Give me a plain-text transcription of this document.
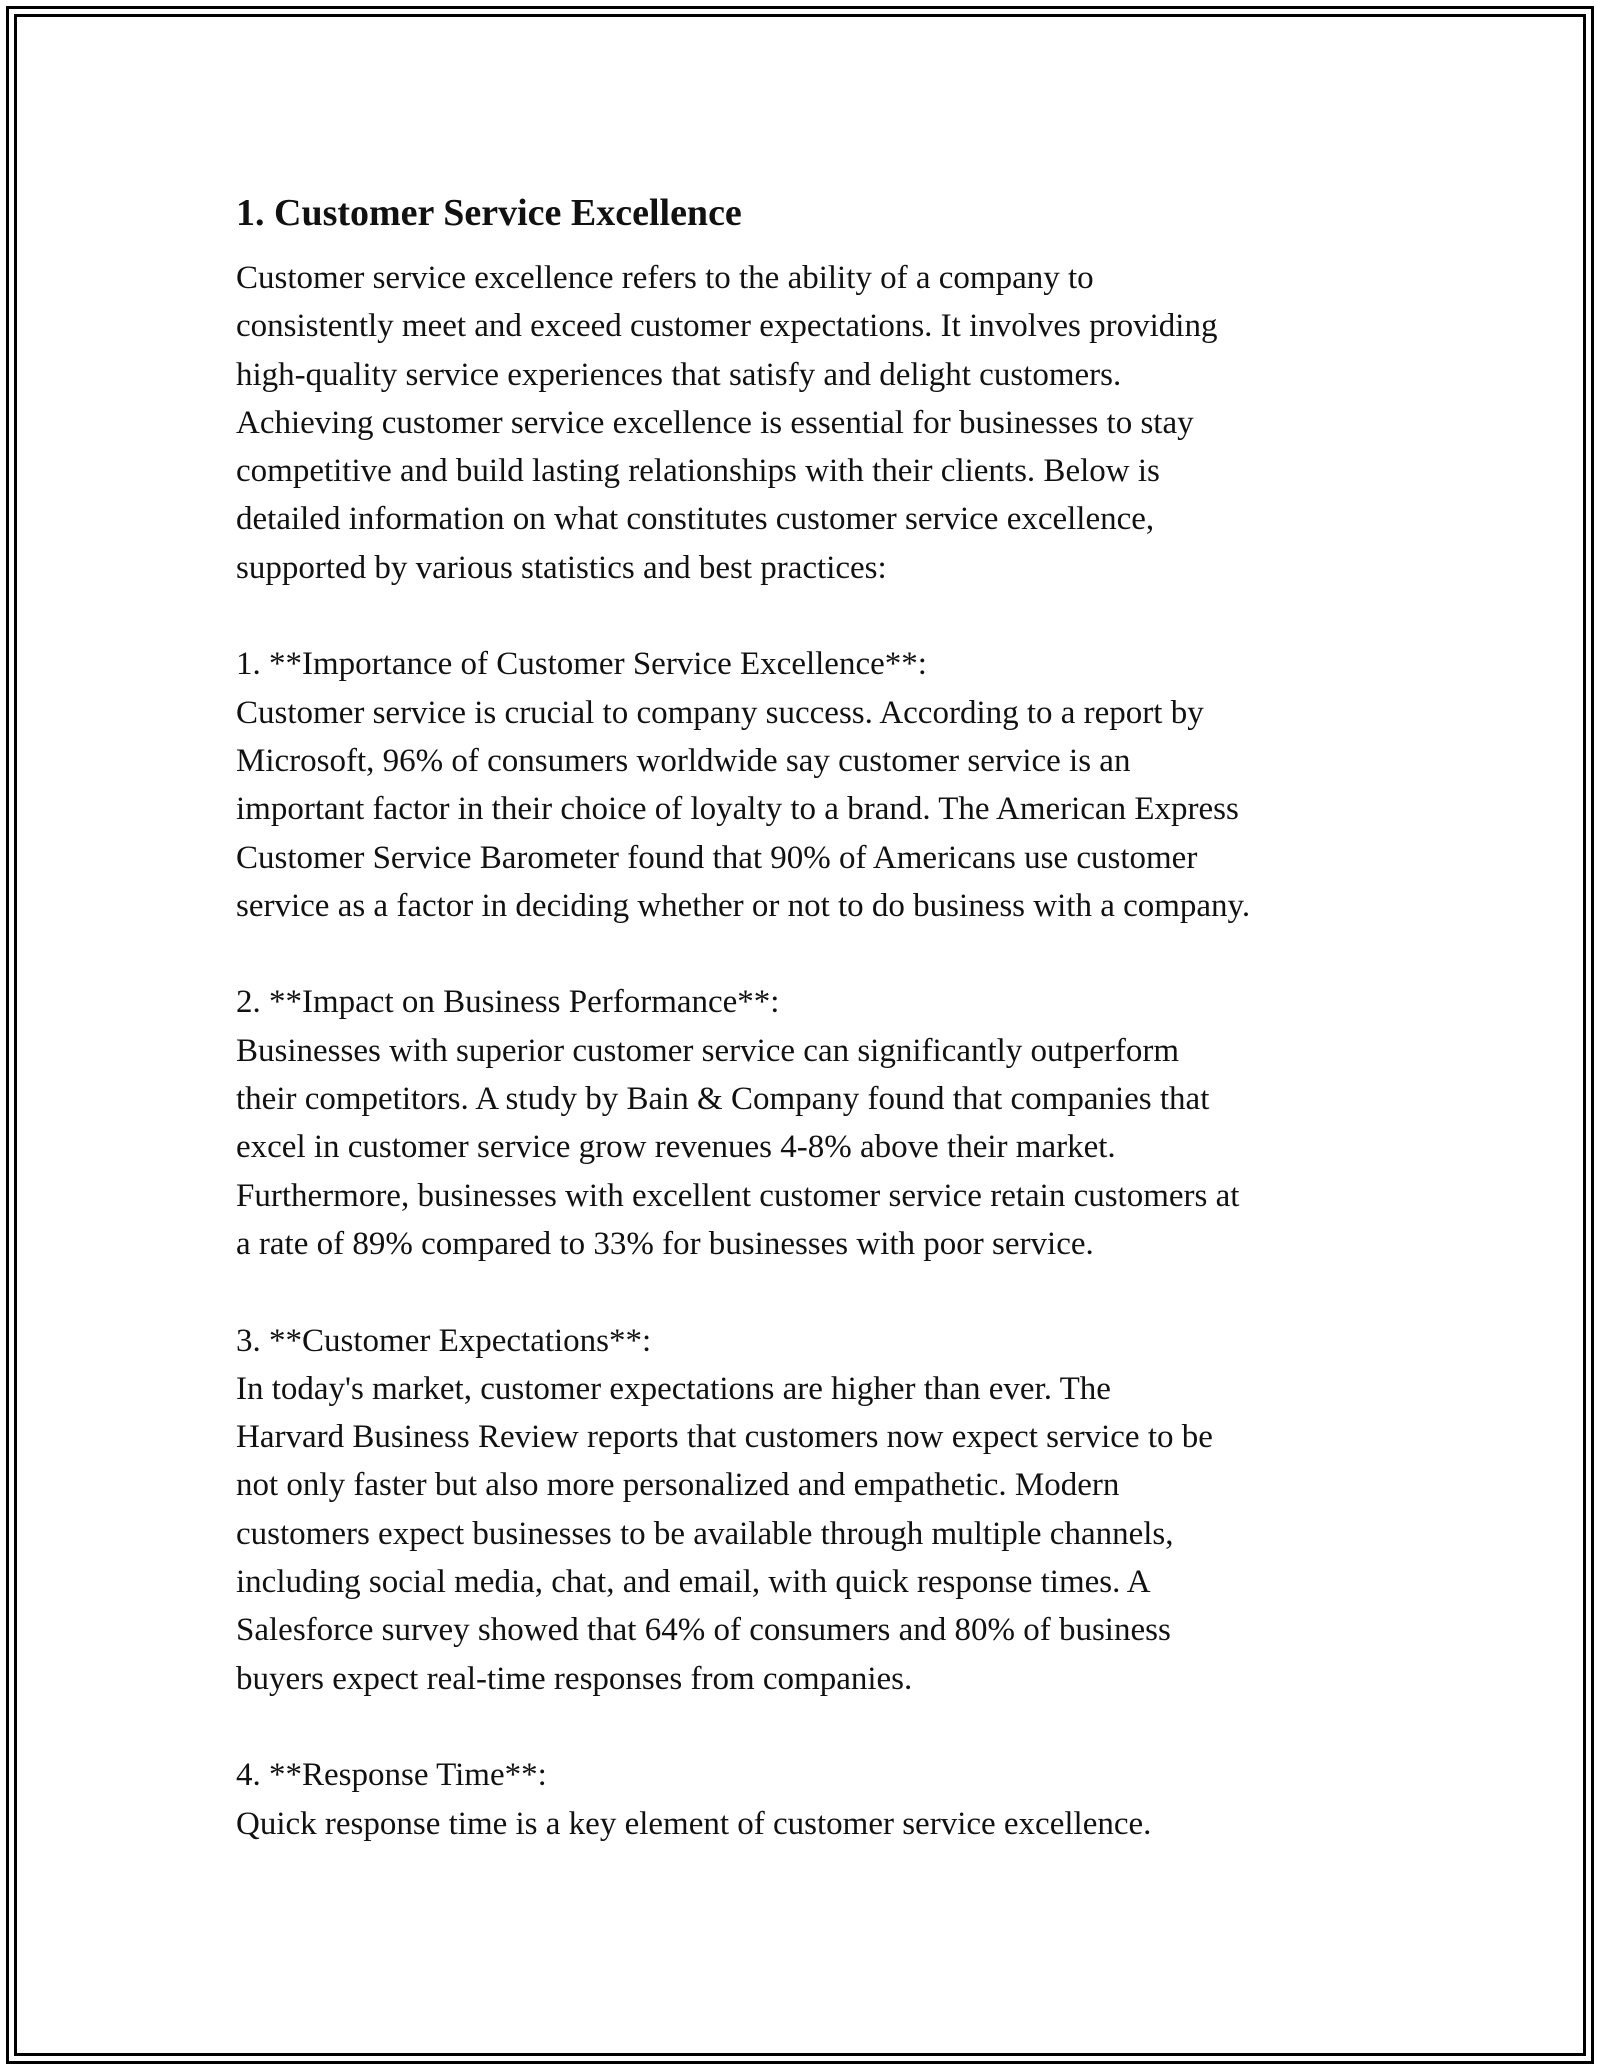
1. Customer Service Excellence

Customer service excellence refers to the ability of a company to
consistently meet and exceed customer expectations. It involves providing
high-quality service experiences that satisfy and delight customers.
Achieving customer service excellence is essential for businesses to stay
competitive and build lasting relationships with their clients. Below is
detailed information on what constitutes customer service excellence,
supported by various statistics and best practices:

1. **Importance of Customer Service Excellence**:

Customer service is crucial to company success. According to a report by
Microsoft, 96% of consumers worldwide say customer service is an
important factor in their choice of loyalty to a brand. The American Express
Customer Service Barometer found that 90% of Americans use customer
service as a factor in deciding whether or not to do business with a company.

2. **Impact on Business Performance**:

Businesses with superior customer service can significantly outperform
their competitors. A study by Bain & Company found that companies that
excel in customer service grow revenues 4-8% above their market.
Furthermore, businesses with excellent customer service retain customers at
a rate of 89% compared to 33% for businesses with poor service.

3. **Customer Expectations**:

In today's market, customer expectations are higher than ever. The
Harvard Business Review reports that customers now expect service to be
not only faster but also more personalized and empathetic. Modern
customers expect businesses to be available through multiple channels,
including social media, chat, and email, with quick response times. A
Salesforce survey showed that 64% of consumers and 80% of business
buyers expect real-time responses from companies.

4. **Response Time**:

Quick response time is a key element of customer service excellence.
